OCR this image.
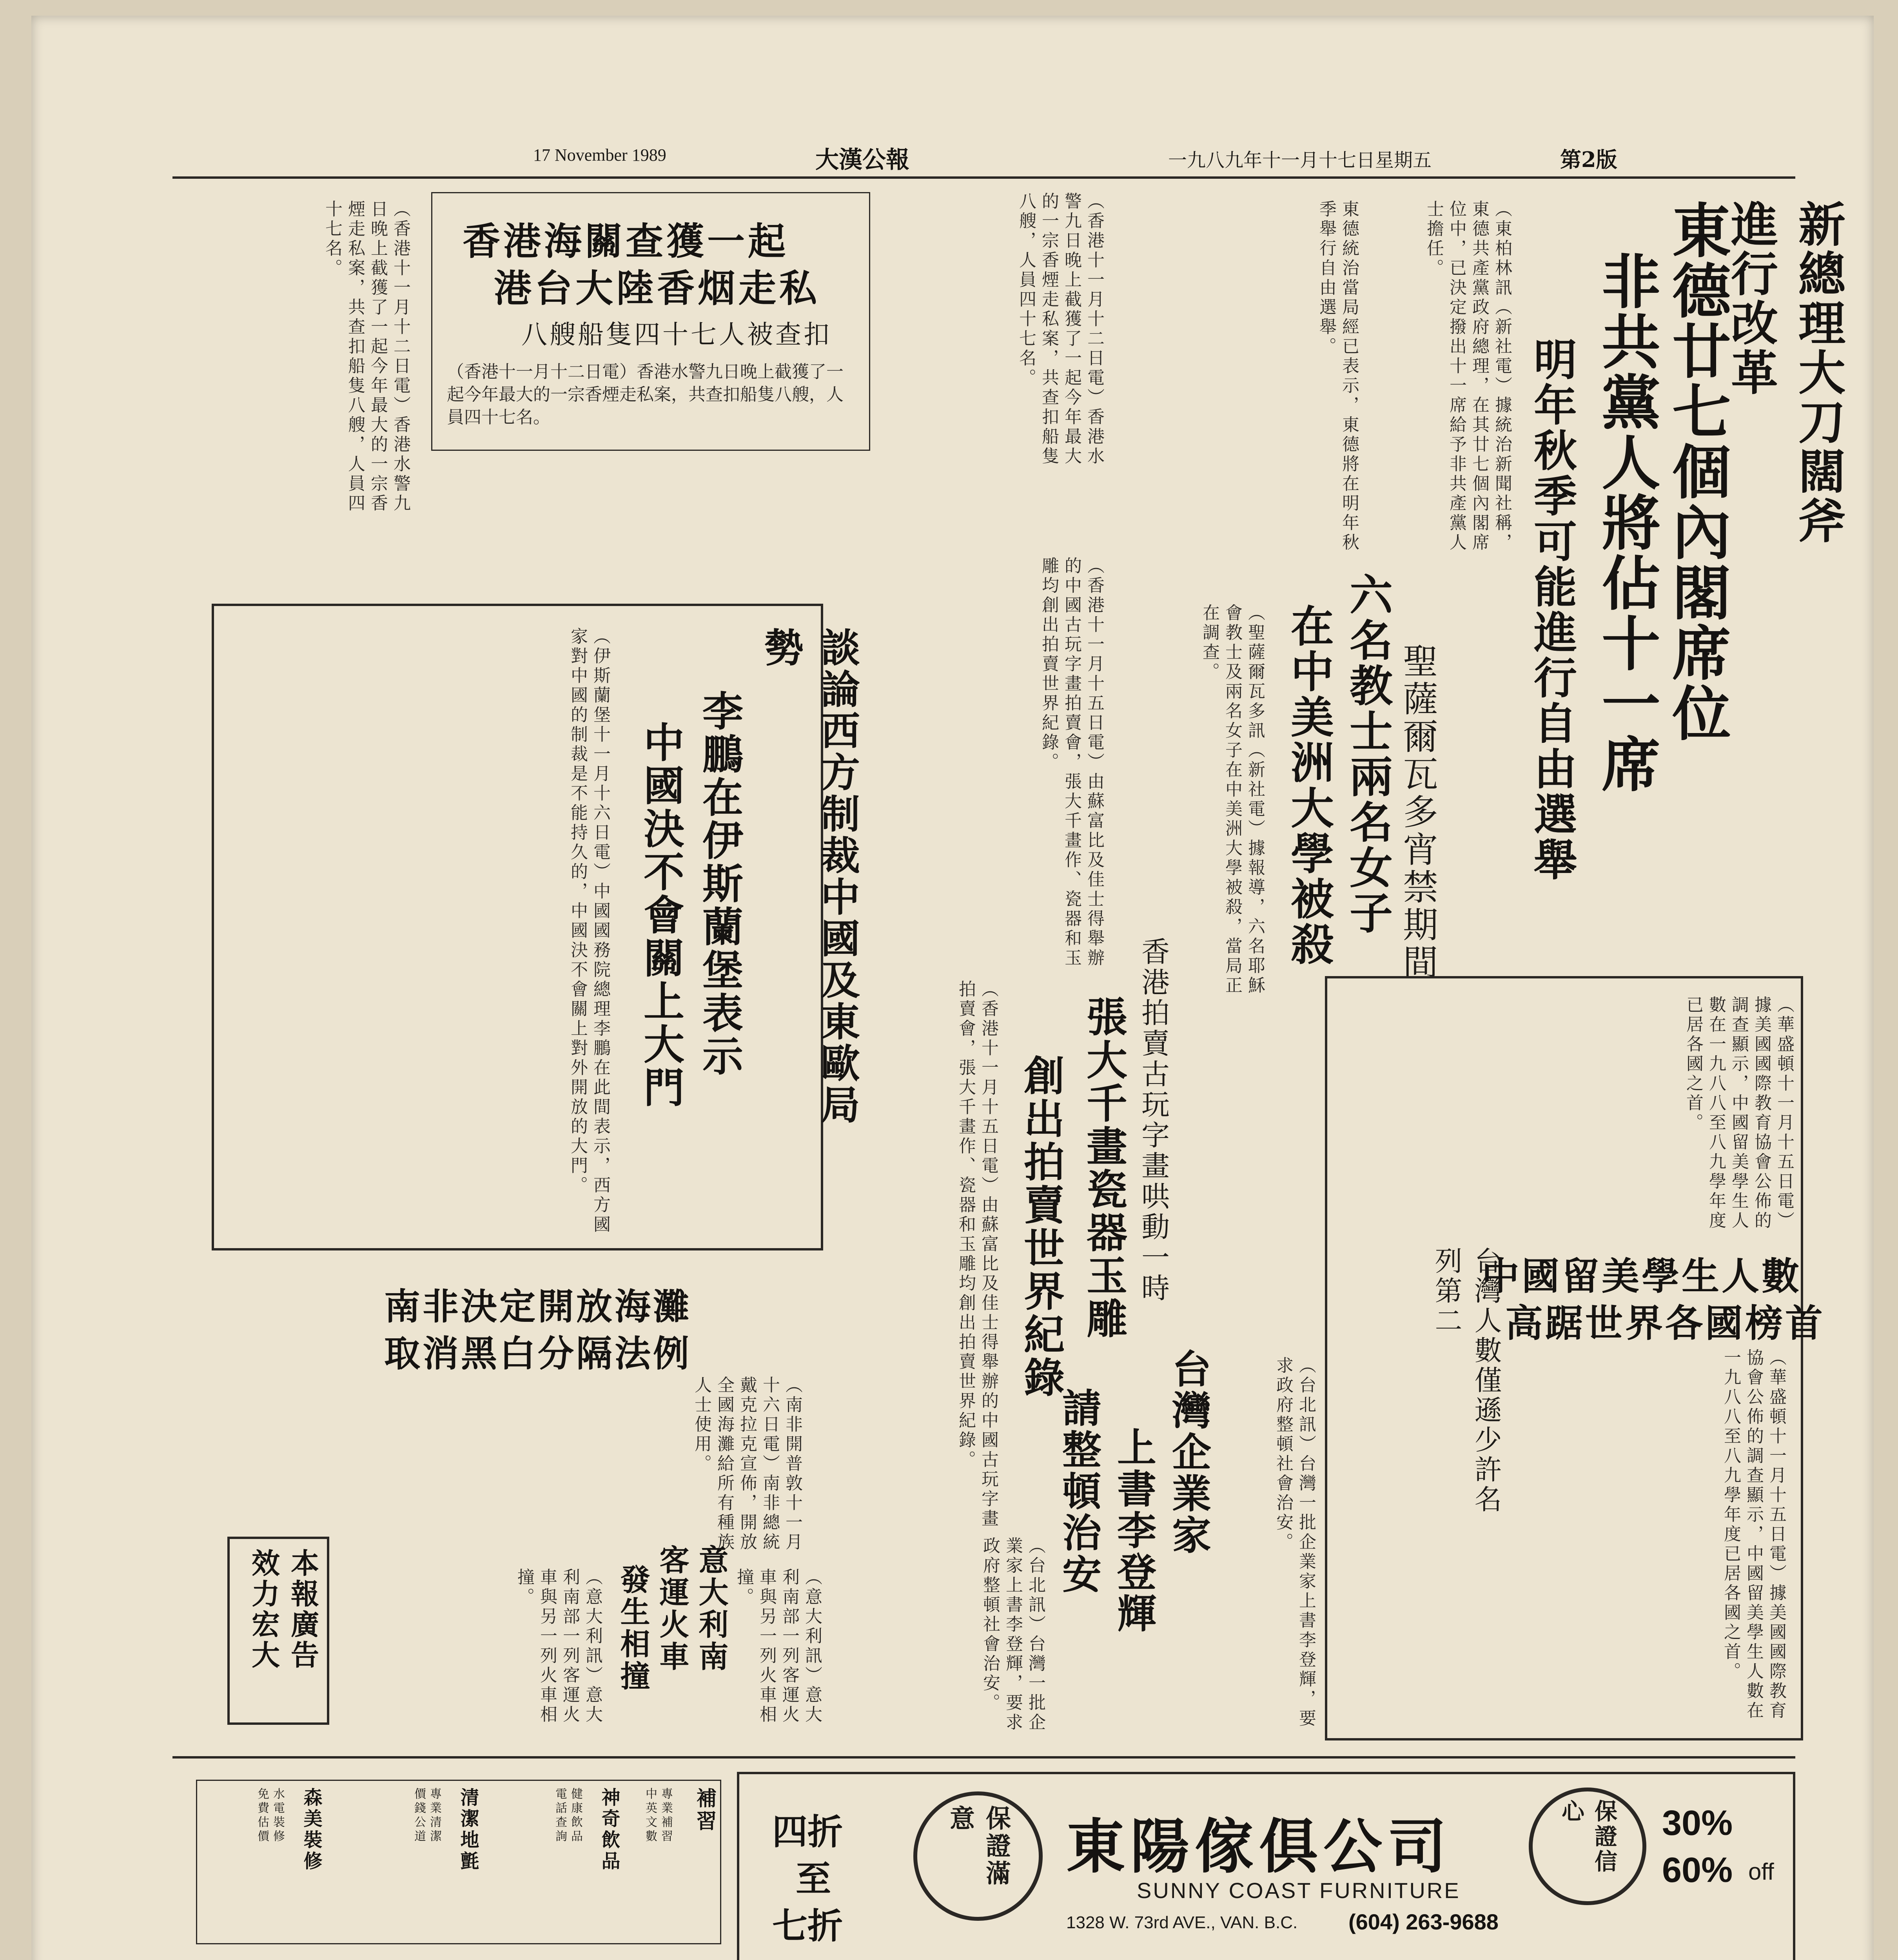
17 November 1989	大漢公報	一九八九年十一月十七日星期五	第2版
新總理大刀闊斧進行改革
東德廿七個內閣席位
非共黨人將佔十一席
明年秋季可能進行自由選舉
（東柏林訊（新社電）據統治新聞社稱，東德共產黨政府總理，在其廿七個內閣席位中，已決定撥出十一席給予非共產黨人士擔任。
東德統治當局經已表示，東德將在明年秋季舉行自由選舉。
六名教士兩名女子
在中美洲大學被殺 聖薩爾瓦多宵禁期間
（聖薩爾瓦多訊（新社電）據報導，六名耶穌會教士及兩名女子在中美洲大學被殺，當局正在調查。
香港海關查獲一起
港台大陸香烟走私
八艘船隻四十七人被查扣
（香港十一月十二日電）香港水警九日晚上截獲了一起今年最大的一宗香煙走私案，共查扣船隻八艘，人員四十七名。	（香港十一月十二日電）香港水警九日晚上截獲了一起今年最大的一宗香煙走私案，共查扣船隻八艘，人員四十七名。
（香港十一月十二日電）香港水警九日晚上截獲了一起今年最大的一宗香煙走私案，共查扣船隻八艘，人員四十七名。
香港拍賣古玩字畫哄動一時
張大千畫瓷器玉雕
創出拍賣世界紀錄
（香港十一月十五日電）由蘇富比及佳士得舉辦的中國古玩字畫拍賣會，張大千畫作、瓷器和玉雕均創出拍賣世界紀錄。
（香港十一月十五日電）由蘇富比及佳士得舉辦的中國古玩字畫拍賣會，張大千畫作、瓷器和玉雕均創出拍賣世界紀錄。
談論西方制裁中國及東歐局勢
李鵬在伊斯蘭堡表示
中國決不會關上大門
（伊斯蘭堡十一月十六日電）中國國務院總理李鵬在此間表示，西方國家對中國的制裁是不能持久的，中國決不會關上對外開放的大門。
中國留美學生人數
高踞世界各國榜首
台灣人數僅遜少許名列第二
（華盛頓十一月十五日電）據美國國際教育協會公佈的調查顯示，中國留美學生人數在一九八八至八九學年度已居各國之首。
（華盛頓十一月十五日電）據美國國際教育協會公佈的調查顯示，中國留美學生人數在一九八八至八九學年度已居各國之首。
台灣企業家
上書李登輝
請整頓治安	（台北訊）台灣一批企業家上書李登輝，要求政府整頓社會治安。
（台北訊）台灣一批企業家上書李登輝，要求政府整頓社會治安。
南非決定開放海灘
取消黑白分隔法例
（南非開普敦十一月十六日電）南非總統戴克拉克宣佈，開放全國海灘給所有種族人士使用。
意大利南
客運火車
發生相撞	（意大利訊）意大利南部一列客運火車與另一列火車相撞。
（意大利訊）意大利南部一列客運火車與另一列火車相撞。
本報廣告
效力宏大
補習
專業補習
中英文數
神奇飲品
健康飲品
電話查詢
清潔地氈
專業清潔
價錢公道
森美裝修
水電裝修
免費估價	四折
至
七折
保證滿意	東陽傢俱公司
SUNNY COAST FURNITURE
1328 W. 73rd AVE., VAN. B.C. (604) 263-9688
保證信心	30%
60% off
